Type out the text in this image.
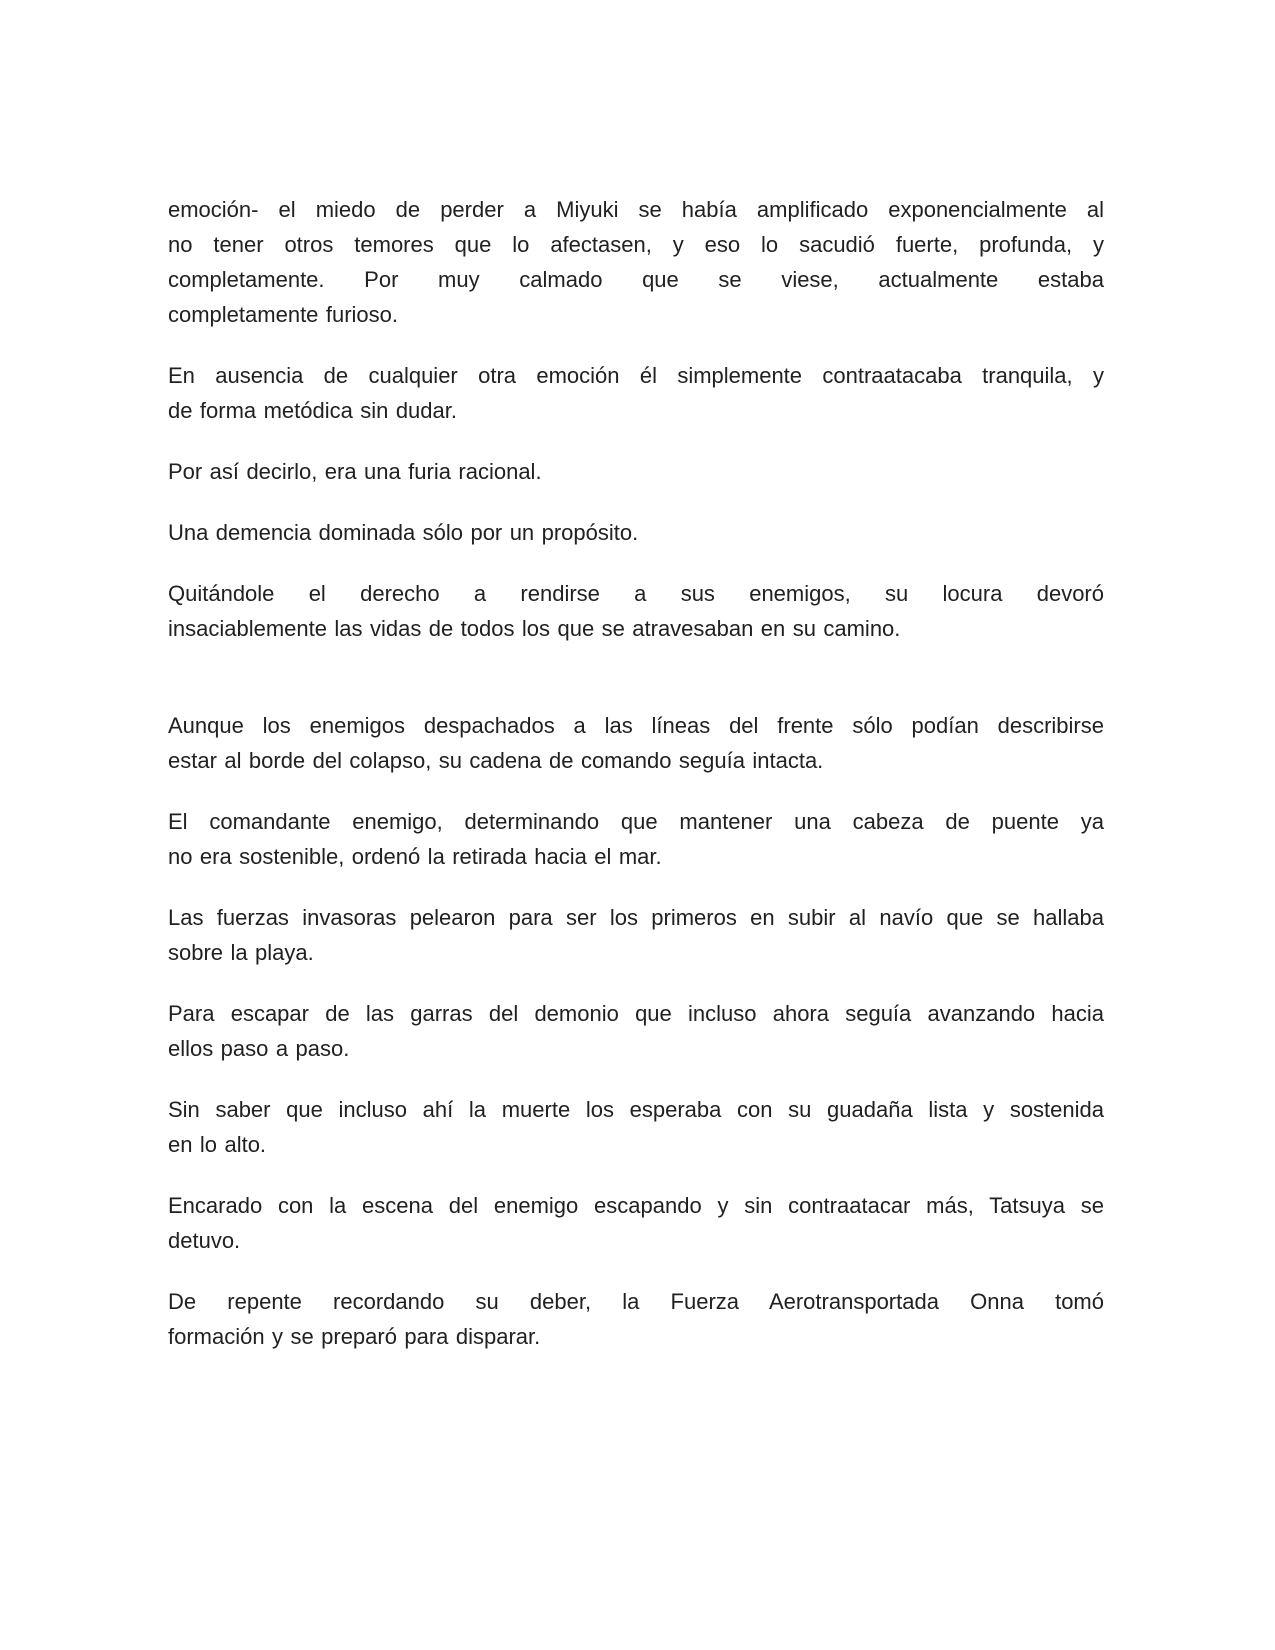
emoción- el miedo de perder a Miyuki se había amplificado exponencialmente al
no tener otros temores que lo afectasen, y eso lo sacudió fuerte, profunda, y
completamente. Por muy calmado que se viese, actualmente estaba
completamente furioso.

En ausencia de cualquier otra emoción él simplemente contraatacaba tranquila, y
de forma metódica sin dudar.

Por así decirlo, era una furia racional.

Una demencia dominada sólo por un propósito.

Quitándole el derecho a rendirse a sus enemigos, su locura devoró
insaciablemente las vidas de todos los que se atravesaban en su camino.

Aunque los enemigos despachados a las líneas del frente sólo podían describirse
estar al borde del colapso, su cadena de comando seguía intacta.

El comandante enemigo, determinando que mantener una cabeza de puente ya
no era sostenible, ordenó la retirada hacia el mar.

Las fuerzas invasoras pelearon para ser los primeros en subir al navío que se hallaba
sobre la playa.

Para escapar de las garras del demonio que incluso ahora seguía avanzando hacia
ellos paso a paso.

Sin saber que incluso ahí la muerte los esperaba con su guadaña lista y sostenida
en lo alto.

Encarado con la escena del enemigo escapando y sin contraatacar más, Tatsuya se
detuvo.

De repente recordando su deber, la Fuerza Aerotransportada Onna tomó
formación y se preparó para disparar.
